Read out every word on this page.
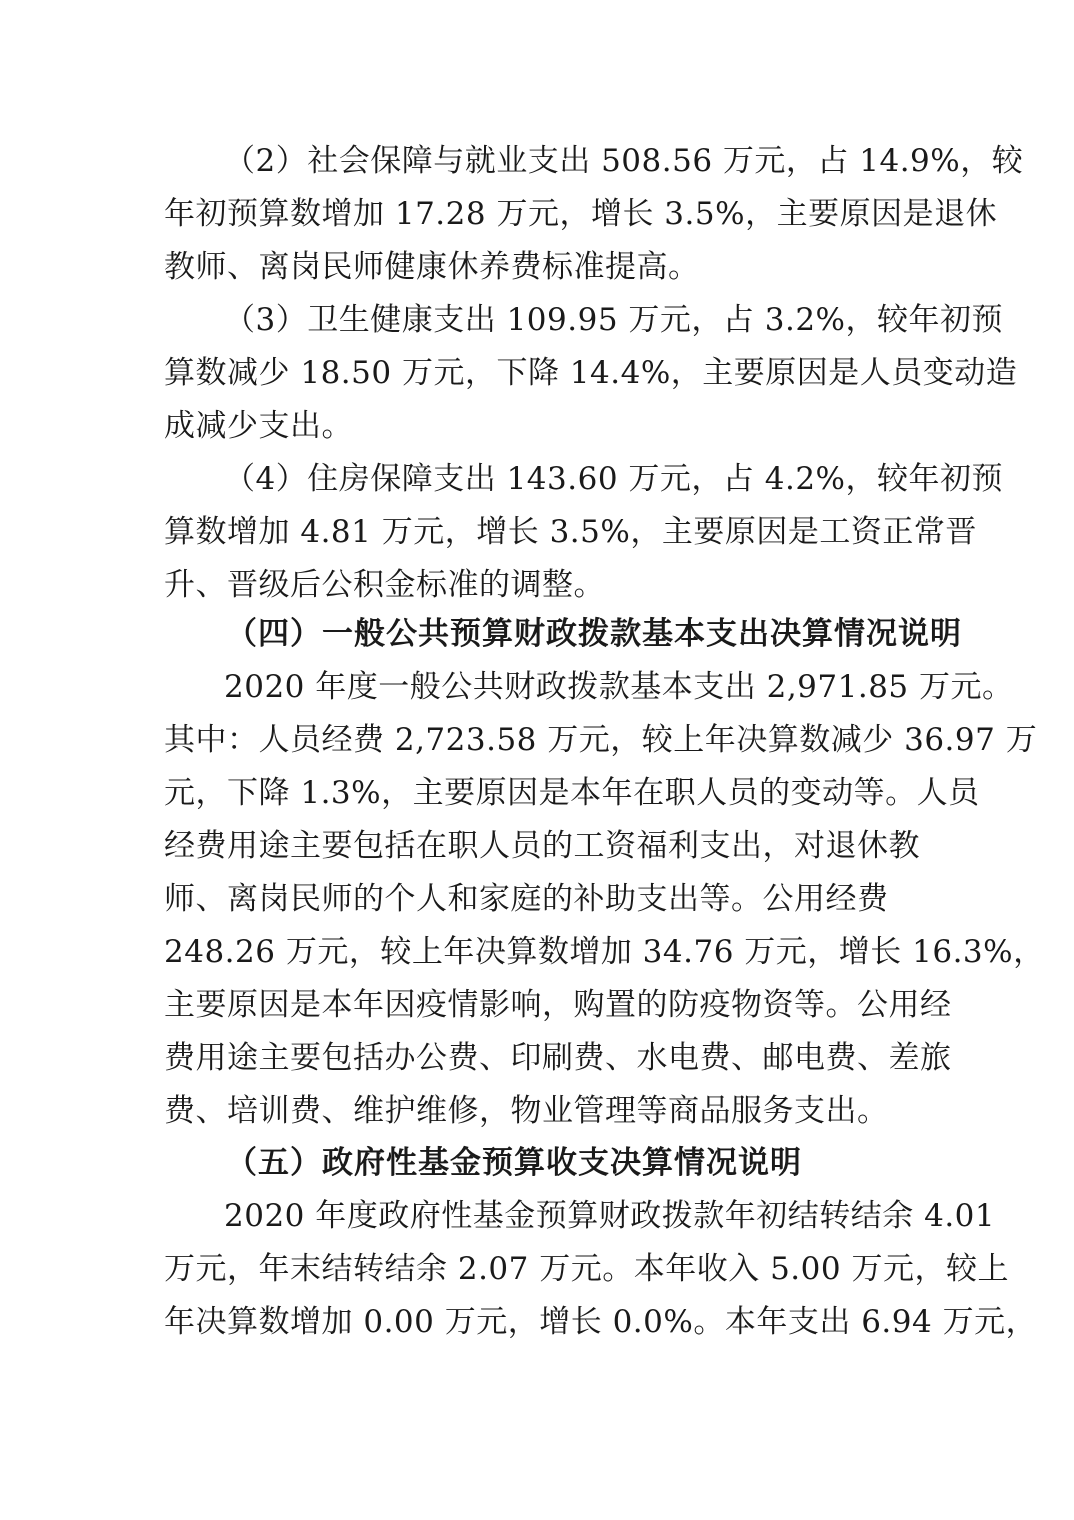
（2）社会保障与就业支出 508.56 万元，占 14.9%，较
年初预算数增加 17.28 万元，增长 3.5%，主要原因是退休
教师、离岗民师健康休养费标准提高。
（3）卫生健康支出 109.95 万元，占 3.2%，较年初预
算数减少 18.50 万元，下降 14.4%，主要原因是人员变动造
成减少支出。
（4）住房保障支出 143.60 万元，占 4.2%，较年初预
算数增加 4.81 万元，增长 3.5%，主要原因是工资正常晋
升、晋级后公积金标准的调整。
（四）一般公共预算财政拨款基本支出决算情况说明
2020 年度一般公共财政拨款基本支出 2,971.85 万元。
其中：人员经费 2,723.58 万元，较上年决算数减少 36.97 万
元，下降 1.3%，主要原因是本年在职人员的变动等。人员
经费用途主要包括在职人员的工资福利支出，对退休教
师、离岗民师的个人和家庭的补助支出等。公用经费
248.26 万元，较上年决算数增加 34.76 万元，增长 16.3%，
主要原因是本年因疫情影响，购置的防疫物资等。公用经
费用途主要包括办公费、印刷费、水电费、邮电费、差旅
费、培训费、维护维修，物业管理等商品服务支出。
（五）政府性基金预算收支决算情况说明
2020 年度政府性基金预算财政拨款年初结转结余 4.01
万元，年末结转结余 2.07 万元。本年收入 5.00 万元，较上
年决算数增加 0.00 万元，增长 0.0%。本年支出 6.94 万元，
